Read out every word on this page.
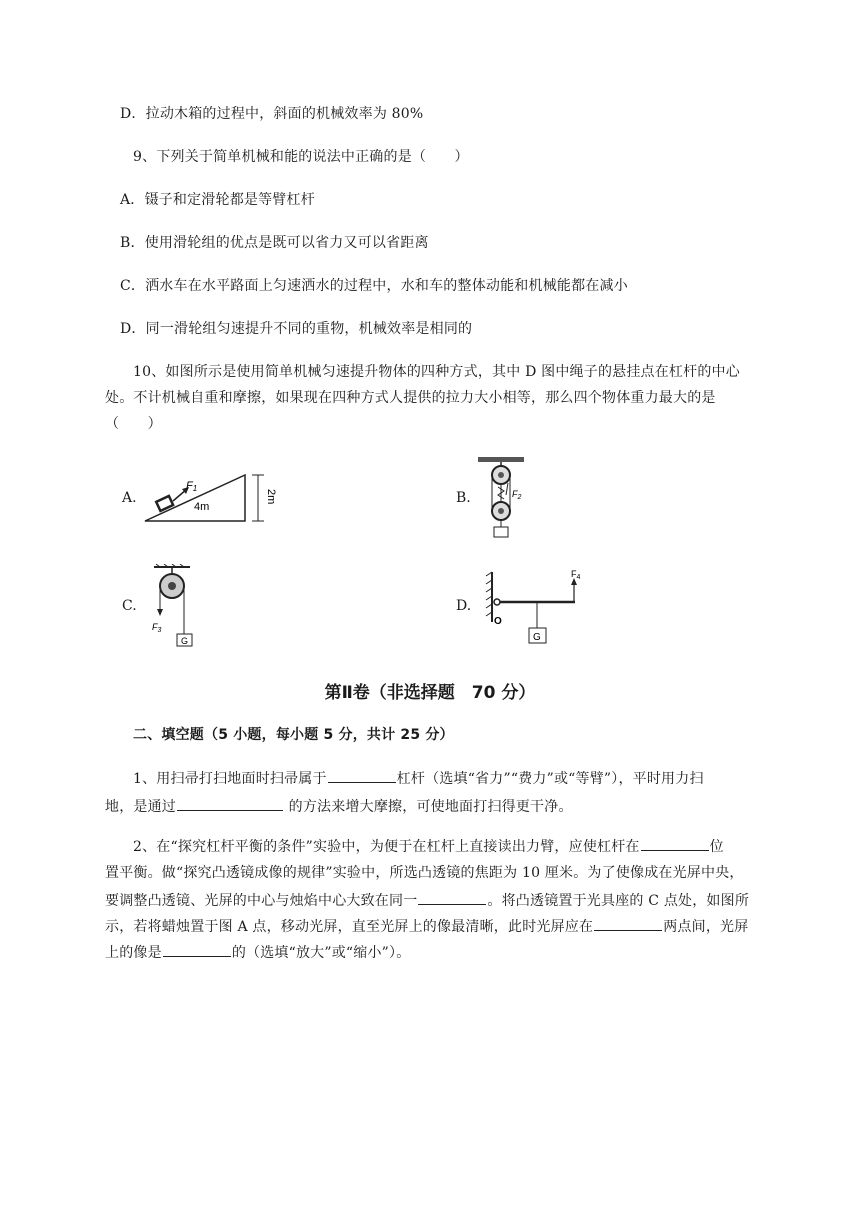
D．拉动木箱的过程中，斜面的机械效率为 80%
9、下列关于简单机械和能的说法中正确的是（　　）
A．镊子和定滑轮都是等臂杠杆
B．使用滑轮组的优点是既可以省力又可以省距离
C．洒水车在水平路面上匀速洒水的过程中，水和车的整体动能和机械能都在减小
D．同一滑轮组匀速提升不同的重物，机械效率是相同的
10、如图所示是使用简单机械匀速提升物体的四种方式，其中 D 图中绳子的悬挂点在杠杆的中心
处。不计机械自重和摩擦，如果现在四种方式人提供的拉力大小相等，那么四个物体重力最大的是
（　　）
A.	B.
C.	D.
F1
4m
2m	$F_2$
$F_3$
G
O
$F_4$
G
第Ⅱ卷（非选择题　70 分）
二、填空题（5 小题，每小题 5 分，共计 25 分）
1、用扫帚打扫地面时扫帚属于	杠杆（选填“省力”“费力”或“等臂”），平时用力扫
地，是通过	的方法来增大摩擦，可使地面打扫得更干净。
2、在“探究杠杆平衡的条件”实验中，为便于在杠杆上直接读出力臂，应使杠杆在	位
置平衡。做“探究凸透镜成像的规律”实验中，所选凸透镜的焦距为 10 厘米。为了使像成在光屏中央，
要调整凸透镜、光屏的中心与烛焰中心大致在同一	。将凸透镜置于光具座的 C 点处，如图所
示，若将蜡烛置于图 A 点，移动光屏，直至光屏上的像最清晰，此时光屏应在	两点间，光屏
上的像是	的（选填“放大”或“缩小”）。
